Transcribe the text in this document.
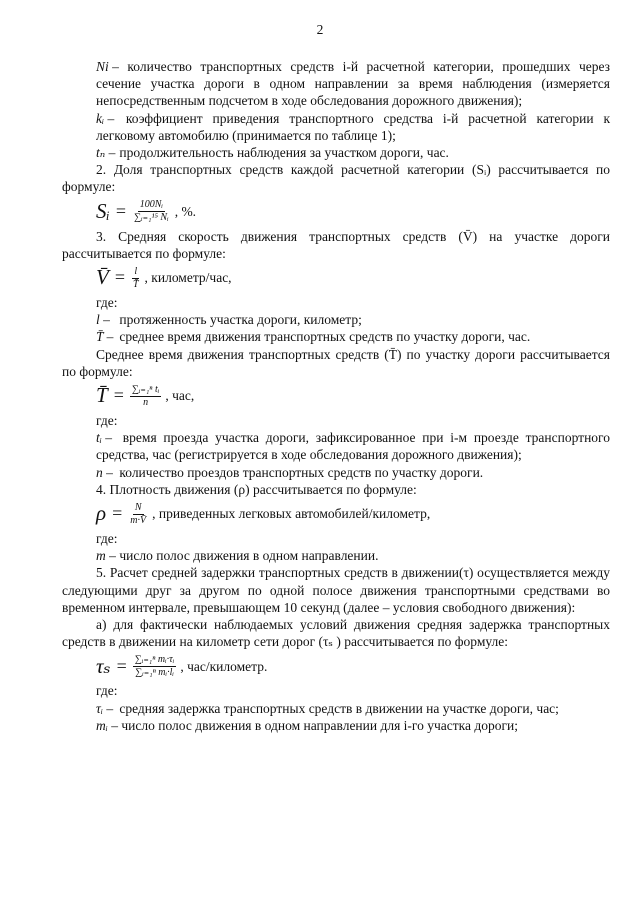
2

Ni – количество транспортных средств i-й расчетной категории, прошедших через сечение участка дороги в одном направлении за время наблюдения (измеряется непосредственным подсчетом в ходе обследования дорожного движения);

kᵢ – коэффициент приведения транспортного средства i-й расчетной категории к легковому автомобилю (принимается по таблице 1);

tₙ – продолжительность наблюдения за участком дороги, час.

2. Доля транспортных средств каждой расчетной категории (Sᵢ) рассчитывается по формуле:

Sᵢ = $\frac{\text{100Nᵢ}}{\text{∑ᵢ₌₁¹⁵ Nᵢ}}$ , %.

3. Средняя скорость движения транспортных средств (V̄) на участке дороги рассчитывается по формуле:

V̄ = $\frac{l}{T̄}$ , километр/час,

где:

l – протяженность участка дороги, километр;

T̄ – среднее время движения транспортных средств по участку дороги, час.

Среднее время движения транспортных средств (T̄) по участку дороги рассчитывается по формуле:

T̄ = $\frac{\text{∑ᵢ₌₁ⁿ tᵢ}}{n}$ , час,

где:

tᵢ – время проезда участка дороги, зафиксированное при i-м проезде транспортного средства, час (регистрируется в ходе обследования дорожного движения);

n – количество проездов транспортных средств по участку дороги.

4. Плотность движения (ρ) рассчитывается по формуле:

$\rho = \frac{N}{m\cdot V̄}$ , приведенных легковых автомобилей/километр,

где:

m – число полос движения в одном направлении.

5. Расчет средней задержки транспортных средств в движении(τ) осуществляется между следующими друг за другом по одной полосе движения транспортными средствами во временном интервале, превышающем 10 секунд (далее – условия свободного движения):

а) для фактически наблюдаемых условий движения средняя задержка транспортных средств в движении на километр сети дорог (τₛ ) рассчитывается по формуле:

$\tau_s = \frac{\text{∑ᵢ₌₁ⁿ mᵢ·τᵢ}}{\text{∑ᵢ₌₁ⁿ mᵢ·lᵢ}}$ , час/километр.

где:

τᵢ – средняя задержка транспортных средств в движении на участке дороги, час;

mᵢ – число полос движения в одном направлении для i-го участка дороги;
